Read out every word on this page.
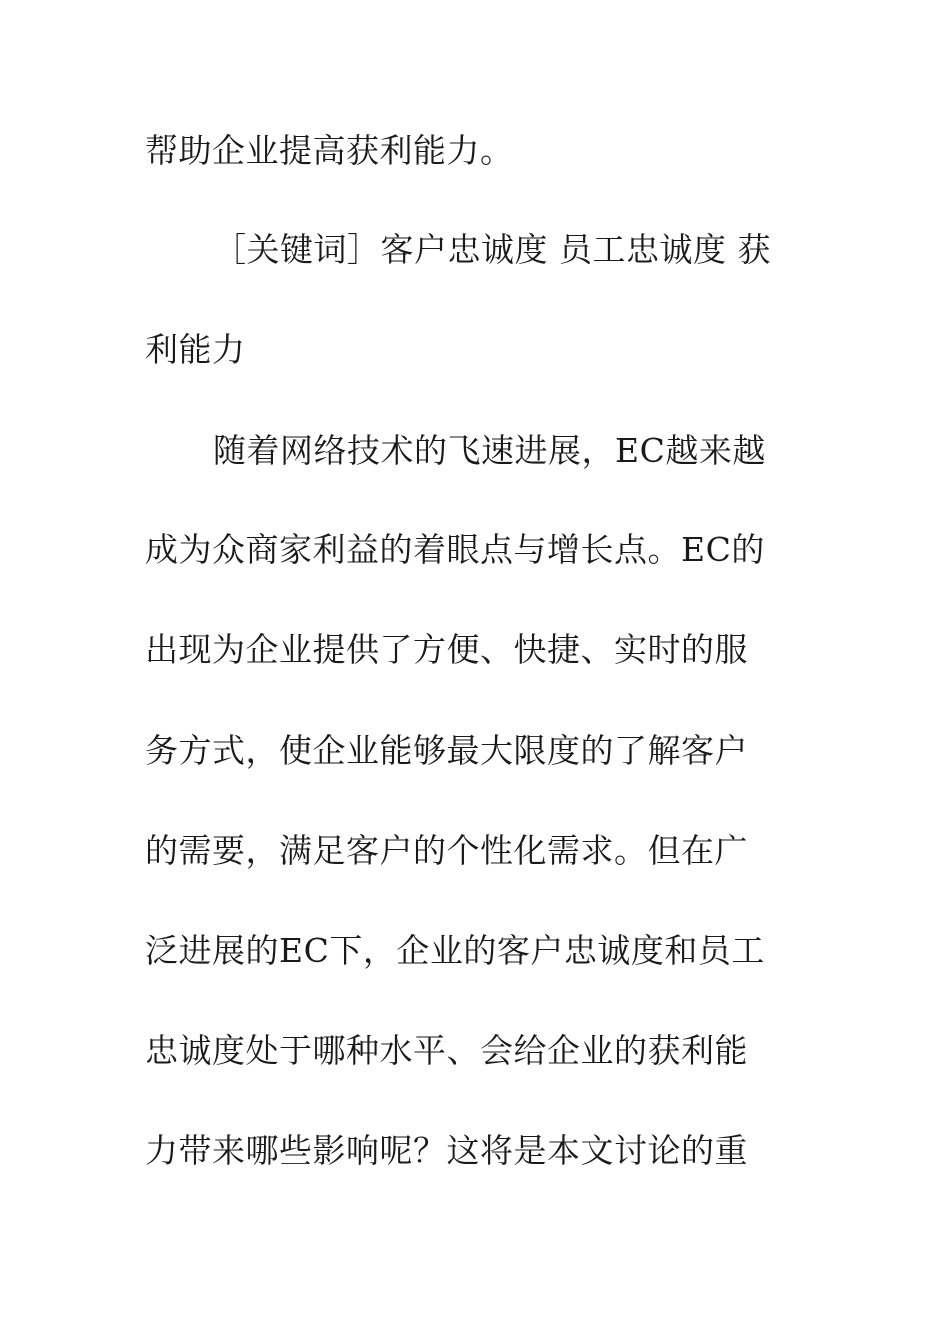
帮助企业提高获利能力。
［关键词］客户忠诚度 员工忠诚度 获
利能力
随着网络技术的飞速进展，EC越来越
成为众商家利益的着眼点与增长点。EC的
出现为企业提供了方便、快捷、实时的服
务方式，使企业能够最大限度的了解客户
的需要，满足客户的个性化需求。但在广
泛进展的EC下，企业的客户忠诚度和员工
忠诚度处于哪种水平、会给企业的获利能
力带来哪些影响呢？这将是本文讨论的重
